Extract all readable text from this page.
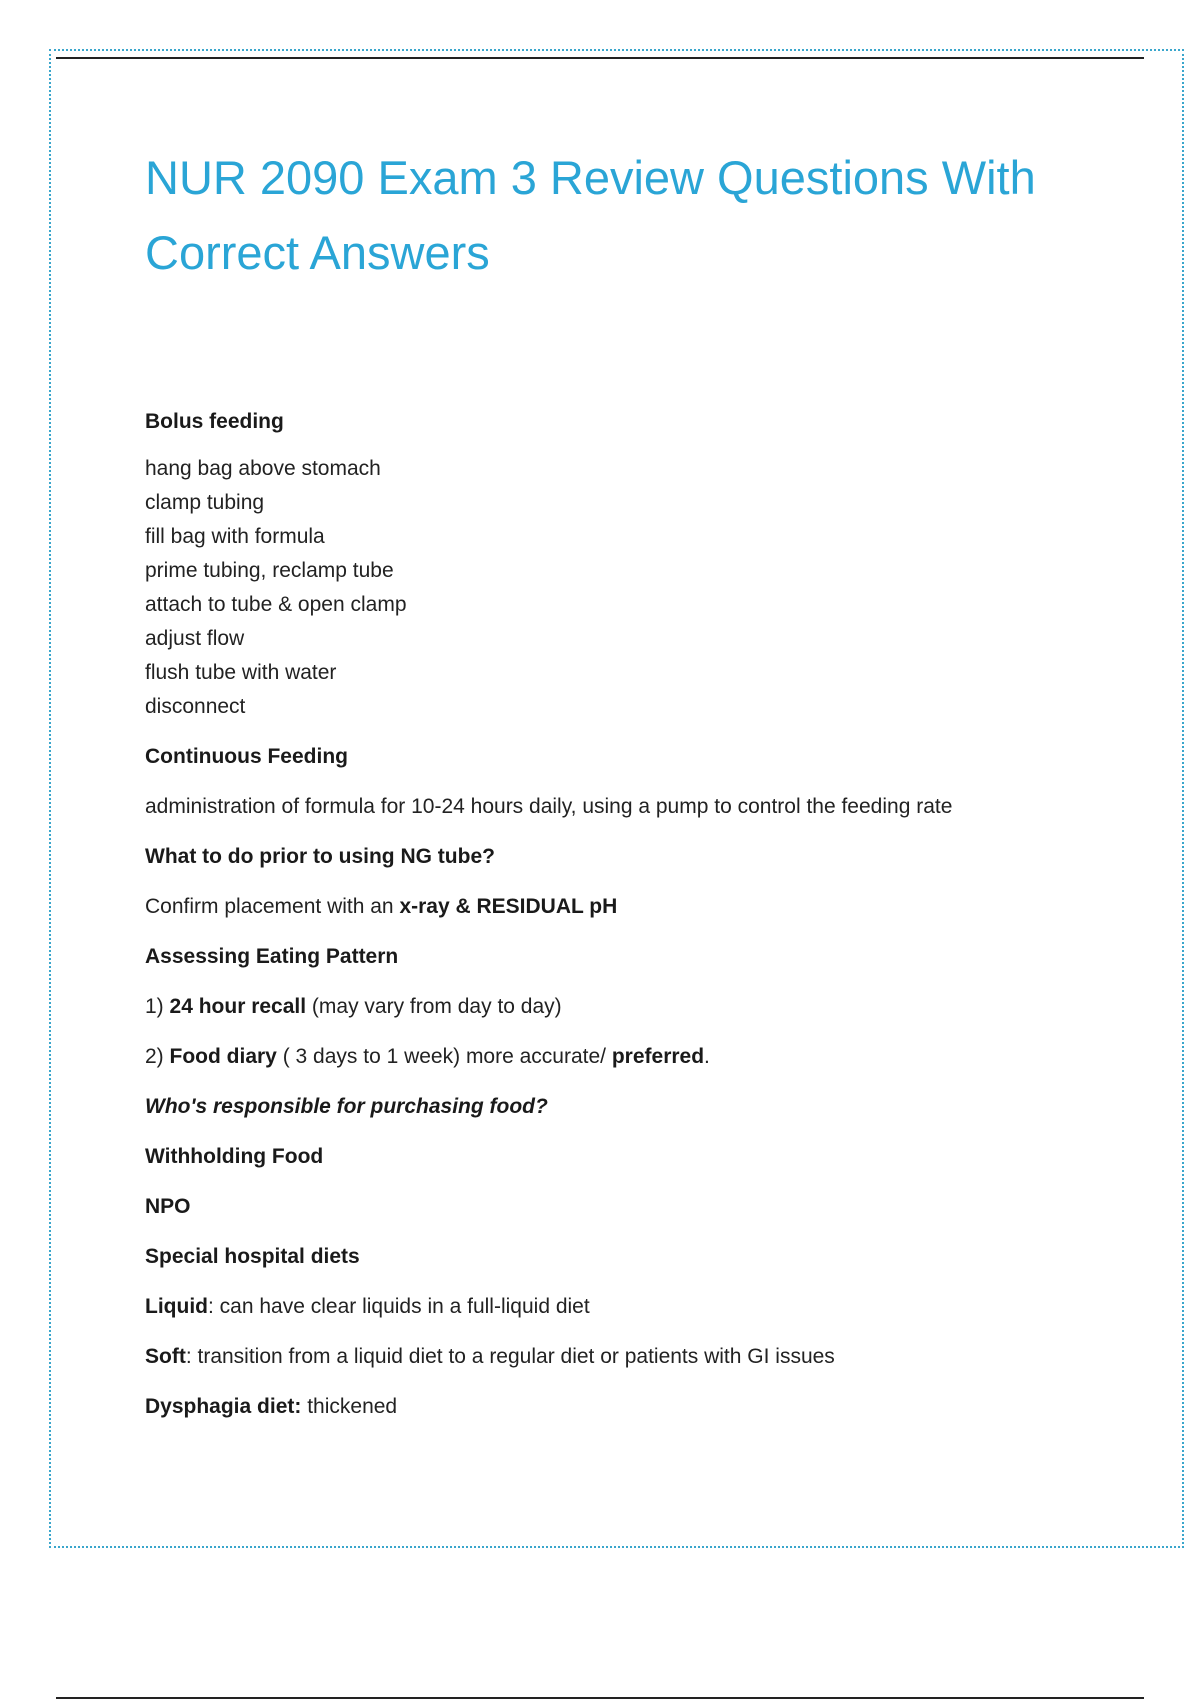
NUR 2090 Exam 3 Review Questions With Correct Answers

Bolus feeding

hang bag above stomach

clamp tubing

fill bag with formula

prime tubing, reclamp tube

attach to tube & open clamp

adjust flow

flush tube with water

disconnect

Continuous Feeding

administration of formula for 10-24 hours daily, using a pump to control the feeding rate

What to do prior to using NG tube?

Confirm placement with an x-ray & RESIDUAL pH

Assessing Eating Pattern

1) 24 hour recall (may vary from day to day)

2) Food diary ( 3 days to 1 week) more accurate/ preferred.

Who's responsible for purchasing food?

Withholding Food

NPO

Special hospital diets

Liquid: can have clear liquids in a full-liquid diet

Soft: transition from a liquid diet to a regular diet or patients with GI issues

Dysphagia diet: thickened
